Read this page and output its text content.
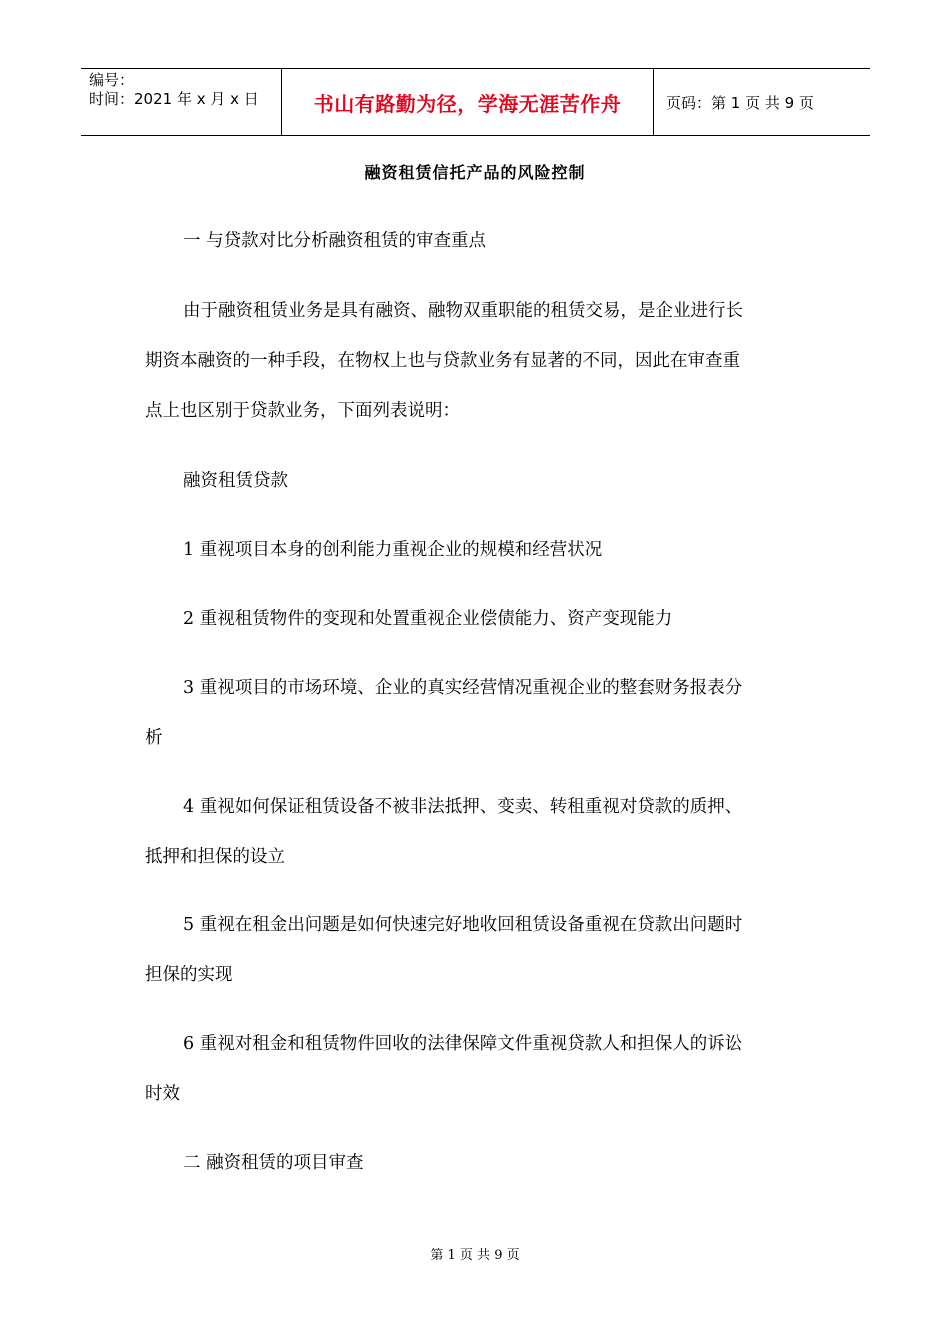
编号：
时间：2021 年 x 月 x 日	书山有路勤为径，学海无涯苦作舟	页码：第 1 页 共 9 页
融资租赁信托产品的风险控制
一 与贷款对比分析融资租赁的审查重点
由于融资租赁业务是具有融资、融物双重职能的租赁交易，是企业进行长
期资本融资的一种手段，在物权上也与贷款业务有显著的不同，因此在审查重
点上也区别于贷款业务，下面列表说明：
融资租赁贷款
1 重视项目本身的创利能力重视企业的规模和经营状况
2 重视租赁物件的变现和处置重视企业偿债能力、资产变现能力
3 重视项目的市场环境、企业的真实经营情况重视企业的整套财务报表分
析
4 重视如何保证租赁设备不被非法抵押、变卖、转租重视对贷款的质押、
抵押和担保的设立
5 重视在租金出问题是如何快速完好地收回租赁设备重视在贷款出问题时
担保的实现
6 重视对租金和租赁物件回收的法律保障文件重视贷款人和担保人的诉讼
时效
二 融资租赁的项目审查
第 1 页 共 9 页
